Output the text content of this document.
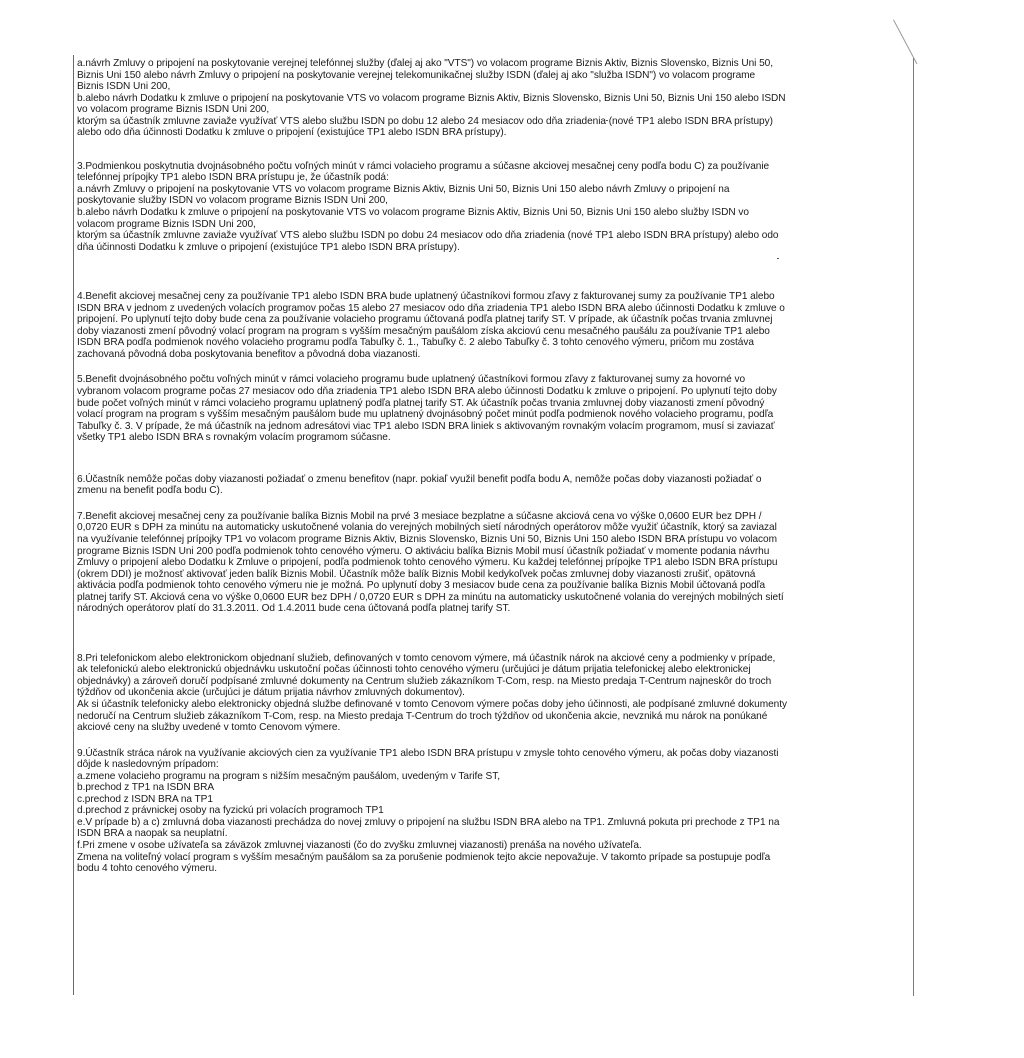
a.návrh Zmluvy o pripojení na poskytovanie verejnej telefónnej služby (ďalej aj ako "VTS") vo volacom programe Biznis Aktiv, Biznis Slovensko, Biznis Uni 50,
Biznis Uni 150 alebo návrh Zmluvy o pripojení na poskytovanie verejnej telekomunikačnej služby ISDN (ďalej aj ako "služba ISDN") vo volacom programe
Biznis ISDN Uni 200,
b.alebo návrh Dodatku k zmluve o pripojení na poskytovanie VTS vo volacom programe Biznis Aktiv, Biznis Slovensko, Biznis Uni 50, Biznis Uni 150 alebo ISDN
vo volacom programe Biznis ISDN Uni 200,
ktorým sa účastník zmluvne zaviaže využívať VTS alebo službu ISDN po dobu 12 alebo 24 mesiacov odo dňa zriadenia (nové TP1 alebo ISDN BRA prístupy)
alebo odo dňa účinnosti Dodatku k zmluve o pripojení (existujúce TP1 alebo ISDN BRA prístupy).
3.Podmienkou poskytnutia dvojnásobného počtu voľných minút v rámci volacieho programu a súčasne akciovej mesačnej ceny podľa bodu C) za používanie
telefónnej prípojky TP1 alebo ISDN BRA prístupu je, že účastník podá:
a.návrh Zmluvy o pripojení na poskytovanie VTS vo volacom programe Biznis Aktiv, Biznis Uni 50, Biznis Uni 150 alebo návrh Zmluvy o pripojení na
poskytovanie služby ISDN vo volacom programe Biznis ISDN Uni 200,
b.alebo návrh Dodatku k zmluve o pripojení na poskytovanie VTS vo volacom programe Biznis Aktiv, Biznis Uni 50, Biznis Uni 150 alebo služby ISDN vo
volacom programe Biznis ISDN Uni 200,
ktorým sa účastník zmluvne zaviaže využívať VTS alebo službu ISDN po dobu 24 mesiacov odo dňa zriadenia (nové TP1 alebo ISDN BRA prístupy) alebo odo
dňa účinnosti Dodatku k zmluve o pripojení (existujúce TP1 alebo ISDN BRA prístupy).
4.Benefit akciovej mesačnej ceny za používanie TP1 alebo ISDN BRA bude uplatnený účastníkovi formou zľavy z fakturovanej sumy za používanie TP1 alebo
ISDN BRA v jednom z uvedených volacích programov počas 15 alebo 27 mesiacov odo dňa zriadenia TP1 alebo ISDN BRA alebo účinnosti Dodatku k zmluve o
pripojení. Po uplynutí tejto doby bude cena za používanie volacieho programu účtovaná podľa platnej tarify ST. V prípade, ak účastník počas trvania zmluvnej
doby viazanosti zmení pôvodný volací program na program s vyšším mesačným paušálom získa akciovú cenu mesačného paušálu za používanie TP1 alebo
ISDN BRA podľa podmienok nového volacieho programu podľa Tabuľky č. 1., Tabuľky č. 2 alebo Tabuľky č. 3 tohto cenového výmeru, pričom mu zostáva
zachovaná pôvodná doba poskytovania benefitov a pôvodná doba viazanosti.
5.Benefit dvojnásobného počtu voľných minút v rámci volacieho programu bude uplatnený účastníkovi formou zľavy z fakturovanej sumy za hovorné vo
vybranom volacom programe počas 27 mesiacov odo dňa zriadenia TP1 alebo ISDN BRA alebo účinnosti Dodatku k zmluve o pripojení. Po uplynutí tejto doby
bude počet voľných minút v rámci volacieho programu uplatnený podľa platnej tarify ST. Ak účastník počas trvania zmluvnej doby viazanosti zmení pôvodný
volací program na program s vyšším mesačným paušálom bude mu uplatnený dvojnásobný počet minút podľa podmienok nového volacieho programu, podľa
Tabuľky č. 3. V prípade, že má účastník na jednom adresátovi viac TP1 alebo ISDN BRA liniek s aktivovaným rovnakým volacím programom, musí si zaviazať
všetky TP1 alebo ISDN BRA s rovnakým volacím programom súčasne.
6.Účastník nemôže počas doby viazanosti požiadať o zmenu benefitov (napr. pokiaľ využil benefit podľa bodu A, nemôže počas doby viazanosti požiadať o
zmenu na benefit podľa bodu C).
7.Benefit akciovej mesačnej ceny za používanie balíka Biznis Mobil na prvé 3 mesiace bezplatne a súčasne akciová cena vo výške 0,0600 EUR bez DPH /
0,0720 EUR s DPH za minútu na automaticky uskutočnené volania do verejných mobilných sietí národných operátorov môže využiť účastník, ktorý sa zaviazal
na využívanie telefónnej prípojky TP1 vo volacom programe Biznis Aktiv, Biznis Slovensko, Biznis Uni 50, Biznis Uni 150 alebo ISDN BRA prístupu vo volacom
programe Biznis ISDN Uni 200 podľa podmienok tohto cenového výmeru. O aktiváciu balíka Biznis Mobil musí účastník požiadať v momente podania návrhu
Zmluvy o pripojení alebo Dodatku k Zmluve o pripojení, podľa podmienok tohto cenového výmeru. Ku každej telefónnej prípojke TP1 alebo ISDN BRA prístupu
(okrem DDI) je možnosť aktivovať jeden balík Biznis Mobil. Účastník môže balík Biznis Mobil kedykoľvek počas zmluvnej doby viazanosti zrušiť, opätovná
aktivácia podľa podmienok tohto cenového výmeru nie je možná. Po uplynutí doby 3 mesiacov bude cena za používanie balíka Biznis Mobil účtovaná podľa
platnej tarify ST. Akciová cena vo výške 0,0600 EUR bez DPH / 0,0720 EUR s DPH za minútu na automaticky uskutočnené volania do verejných mobilných sietí
národných operátorov platí do 31.3.2011. Od 1.4.2011 bude cena účtovaná podľa platnej tarify ST.
8.Pri telefonickom alebo elektronickom objednaní služieb, definovaných v tomto cenovom výmere, má účastník nárok na akciové ceny a podmienky v prípade,
ak telefonickú alebo elektronickú objednávku uskutoční počas účinnosti tohto cenového výmeru (určujúci je dátum prijatia telefonickej alebo elektronickej
objednávky) a zároveň doručí podpísané zmluvné dokumenty na Centrum služieb zákazníkom T-Com, resp. na Miesto predaja T-Centrum najneskôr do troch
týždňov od ukončenia akcie (určujúci je dátum prijatia návrhov zmluvných dokumentov).
Ak si účastník telefonicky alebo elektronicky objedná službe definované v tomto Cenovom výmere počas doby jeho účinnosti, ale podpísané zmluvné dokumenty
nedoručí na Centrum služieb zákazníkom T-Com, resp. na Miesto predaja T-Centrum do troch týždňov od ukončenia akcie, nevzniká mu nárok na ponúkané
akciové ceny na služby uvedené v tomto Cenovom výmere.
9.Účastník stráca nárok na využívanie akciových cien za využívanie TP1 alebo ISDN BRA prístupu v zmysle tohto cenového výmeru, ak počas doby viazanosti
dôjde k nasledovným prípadom:
a.zmene volacieho programu na program s nižším mesačným paušálom, uvedeným v Tarife ST,
b.prechod z TP1 na ISDN BRA
c.prechod z ISDN BRA na TP1
d.prechod z právnickej osoby na fyzickú pri volacích programoch TP1
e.V prípade b) a c) zmluvná doba viazanosti prechádza do novej zmluvy o pripojení na službu ISDN BRA alebo na TP1. Zmluvná pokuta pri prechode z TP1 na
ISDN BRA a naopak sa neuplatní.
f.Pri zmene v osobe užívateľa sa záväzok zmluvnej viazanosti (čo do zvyšku zmluvnej viazanosti) prenáša na nového užívateľa.
Zmena na voliteľný volací program s vyšším mesačným paušálom sa za porušenie podmienok tejto akcie nepovažuje. V takomto prípade sa postupuje podľa
bodu 4 tohto cenového výmeru.
